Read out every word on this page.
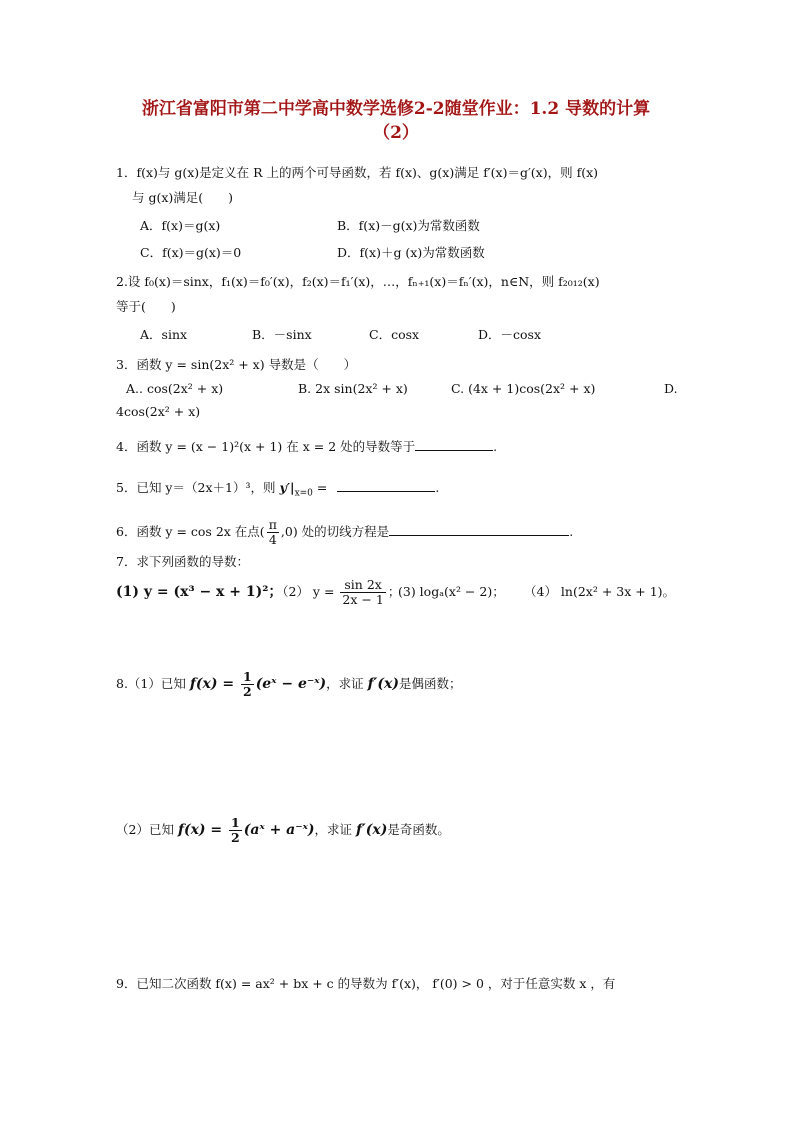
浙江省富阳市第二中学高中数学选修2-2随堂作业：1.2 导数的计算
（2）
1．f(x)与 g(x)是定义在 R 上的两个可导函数，若 f(x)、g(x)满足 f′(x)＝g′(x)，则 f(x)
与 g(x)满足(　　)
A．f(x)＝g(x)	B．f(x)－g(x)为常数函数
C．f(x)＝g(x)＝0	D．f(x)＋g (x)为常数函数
2.设 f₀(x)＝sinx，f₁(x)＝f₀′(x)，f₂(x)＝f₁′(x)，…，fₙ₊₁(x)＝fₙ′(x)，n∈N，则 f₂₀₁₂(x)
等于(　　)
A．sinx	B．－sinx	C．cosx	D．－cosx
3．函数 y = sin(2x² + x) 导数是（　　）
A.. cos(2x² + x)	B. 2x sin(2x² + x)	C. (4x + 1)cos(2x² + x)	D.
4cos(2x² + x)
4．函数 y = (x − 1)²(x + 1) 在 x = 2 处的导数等于	.
5．已知 y＝（2x＋1）³，则 $y'|_{x=0}$ =	.
6．函数 y = cos 2x 在点( $\frac{\pi}{4} ,0$) 处的切线方程是	.
7．求下列函数的导数：
(1) y = (x³ − x + 1)²；
（2） $y = \frac{\sin 2x}{2x - 1}$ ；
(3) logₐ(x² − 2)； （4） ln(2x² + 3x + 1)。
8.（1）已知 $f(x) = \frac{1}{2}$ (eˣ − e⁻ˣ)，求证 f′(x)是偶函数；
（2）已知 $f(x) = \frac{1}{2}$ (aˣ + a⁻ˣ)，求证 f′(x)是奇函数。
9．已知二次函数 f(x) = ax² + bx + c 的导数为 f′(x)， f′(0) > 0 ，对于任意实数 x ，有
